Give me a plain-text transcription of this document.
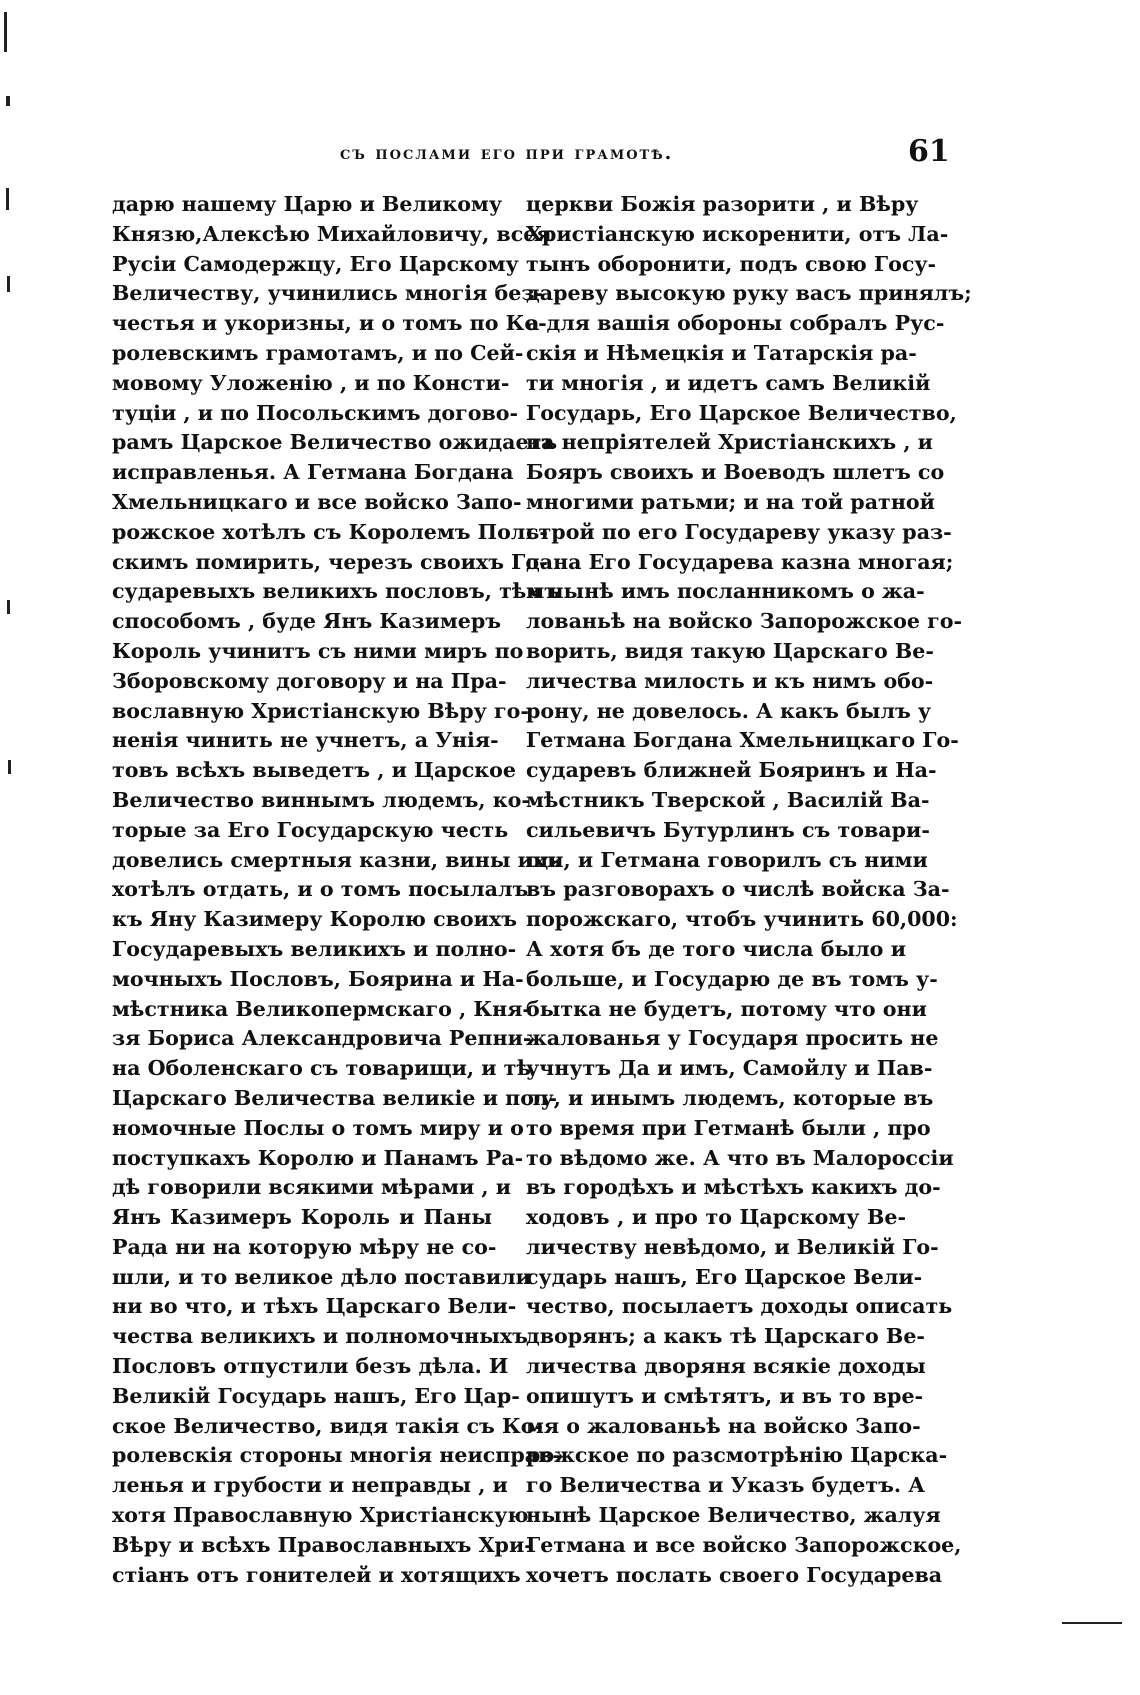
съ послами его при грамотѣ.	61
дарю нашему Царю и Великому
Князю,Алексѣю Михайловичу, всея
Русіи Самодержцу, Его Царскому
Величеству, учинились многія без-
честья и укоризны, и о томъ по Ко-
ролевскимъ грамотамъ, и по Сей-
мовому Уложенію , и по Консти-
туціи , и по Посольскимъ догово-
рамъ Царское Величество ожидаетъ
исправленья. А Гетмана Богдана
Хмельницкаго и все войско Запо-
рожское хотѣлъ съ Королемъ Поль-
скимъ помирить, черезъ своихъ Го-
сударевыхъ великихъ пословъ, тѣмъ
способомъ , буде Янъ Казимеръ
Король учинитъ съ ними миръ по
Зборовскому договору и на Пра-
вославную Христіанскую Вѣру го-
ненія чинить не учнетъ, а Унія-
товъ всѣхъ выведетъ , и Царское
Величество виннымъ людемъ, ко-
торые за Его Государскую честь
довелись смертныя казни, вины ихъ
хотѣлъ отдать, и о томъ посылалъ
къ Яну Казимеру Королю своихъ
Государевыхъ великихъ и полно-
мочныхъ Пословъ, Боярина и На-
мѣстника Великопермскаго , Кня-
зя Бориса Александровича Репни-
на Оболенскаго съ товарищи, и тѣ
Царскаго Величества великіе и пол-
номочные Послы о томъ миру и о
поступкахъ Королю и Панамъ Ра-
дѣ говорили всякими мѣрами , и
Янъ Казимеръ Король и Паны
Рада ни на которую мѣру не со-
шли, и то великое дѣло поставили
ни во что, и тѣхъ Царскаго Вели-
чества великихъ и полномочныхъ
Пословъ отпустили безъ дѣла. И
Великій Государь нашъ, Его Цар-
ское Величество, видя такія съ Ко-
ролевскія стороны многія неисправ-
ленья и грубости и неправды , и
хотя Православную Христіанскую
Вѣру и всѣхъ Православныхъ Хри-
стіанъ отъ гонителей и хотящихъ
церкви Божія разорити , и Вѣру
Христіанскую искоренити, отъ Ла-
тынъ оборонити, подъ свою Госу-
дареву высокую руку васъ принялъ;
а для вашія обороны собралъ Рус-
скія и Нѣмецкія и Татарскія ра-
ти многія , и идетъ самъ Великій
Государь, Его Царское Величество,
на непріятелей Христіанскихъ , и
Бояръ своихъ и Воеводъ шлетъ со
многими ратьми; и на той ратной
строй по его Государеву указу раз-
дана Его Государева казна многая;
и нынѣ имъ посланникомъ о жа-
лованьѣ на войско Запорожское го-
ворить, видя такую Царскаго Ве-
личества милость и къ нимъ обо-
рону, не довелось. А какъ былъ у
Гетмана Богдана Хмельницкаго Го-
сударевъ ближней Бояринъ и На-
мѣстникъ Тверской , Василій Ва-
сильевичъ Бутурлинъ съ товари-
щи, и Гетмана говорилъ съ ними
въ разговорахъ о числѣ войска За-
порожскаго, чтобъ учинить 60,000:
А хотя бъ де того числа было и
больше, и Государю де въ томъ у-
бытка не будетъ, потому что они
жалованья у Государя просить не
учнутъ Да и имъ, Самойлу и Пав-
лу, и инымъ людемъ, которые въ
то время при Гетманѣ были , про
то вѣдомо же. А что въ Малороссіи
въ городѣхъ и мѣстѣхъ какихъ до-
ходовъ , и про то Царскому Ве-
личеству невѣдомо, и Великій Го-
сударь нашъ, Его Царское Вели-
чество, посылаетъ доходы описать
дворянъ; а какъ тѣ Царскаго Ве-
личества дворяня всякіе доходы
опишутъ и смѣтятъ, и въ то вре-
мя о жалованьѣ на войско Запо-
рожское по разсмотрѣнію Царска-
го Величества и Указъ будетъ. А
нынѣ Царское Величество, жалуя
Гетмана и все войско Запорожское,
хочетъ послать своего Государева
